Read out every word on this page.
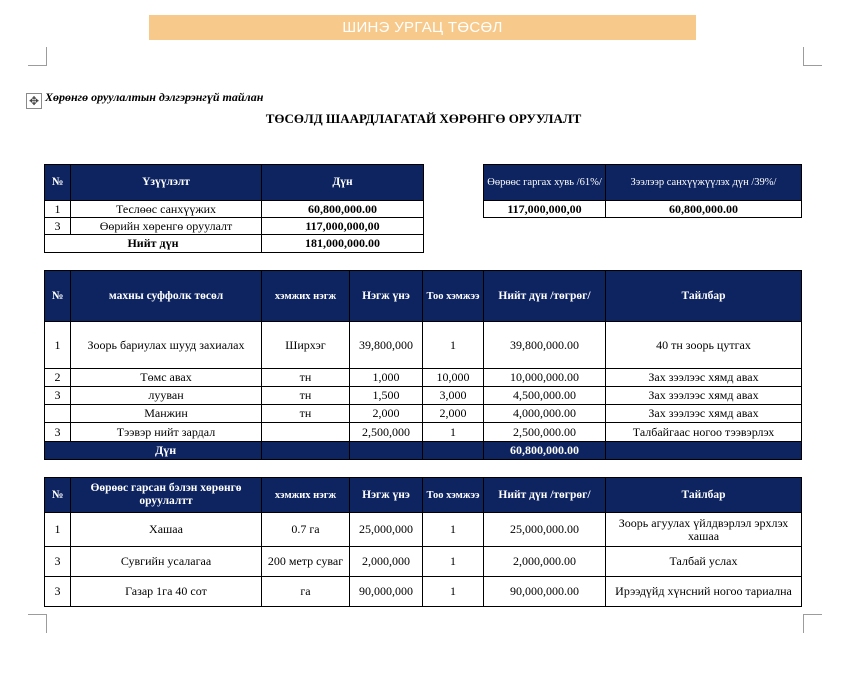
ШИНЭ УРГАЦ ТӨСӨЛ
✥ Хөрөнгө оруулалтын дэлгэрэнгүй тайлан
ТӨСӨЛД ШААРДЛАГАТАЙ ХӨРӨНГӨ ОРУУЛАЛТ
№	Үзүүлэлт	Дүн
1	Теслөөс санхүүжих	60,800,000.00
3	Өөрийн хөренгө оруулалт	117,000,000,00
Нийт дүн		181,000,000.00
Өөрөөс гаргах хувь /61%/	Зээлээр санхүүжүүлэх дүн /39%/
117,000,000,00	60,800,000.00
№	махны суффолк төсөл	хэмжих нэгж	Нэгж үнэ	Тоо хэмжээ	Нийт дүн /төгрөг/	Тайлбар
1	Зоорь бариулах шууд захиалах	Ширхэг	39,800,000	1	39,800,000.00	40 тн зоорь цутгах
2	Төмс авах	тн	1,000	10,000	10,000,000.00	Зах зээлээс хямд авах
3	лууван	тн	1,500	3,000	4,500,000.00	Зах зээлээс хямд авах
	Манжин	тн	2,000	2,000	4,000,000.00	Зах зээлээс хямд авах
3	Тээвэр нийт зардал		2,500,000	1	2,500,000.00	Талбайгаас ногоо тээвэрлэх
Дүн					60,800,000.00	
№	Өөрөөс гарсан бэлэн хөрөнгө оруулалтт	хэмжих нэгж	Нэгж үнэ	Тоо хэмжээ	Нийт дүн /төгрөг/	Тайлбар
1	Хашаа	0.7 га	25,000,000	1	25,000,000.00	Зоорь агуулах үйлдвэрлэл эрхлэх хашаа
3	Сувгийн усалагаа	200 метр суваг	2,000,000	1	2,000,000.00	Талбай услах
3	Газар 1га 40 сот	га	90,000,000	1	90,000,000.00	Ирээдүйд хүнсний ногоо тариална
